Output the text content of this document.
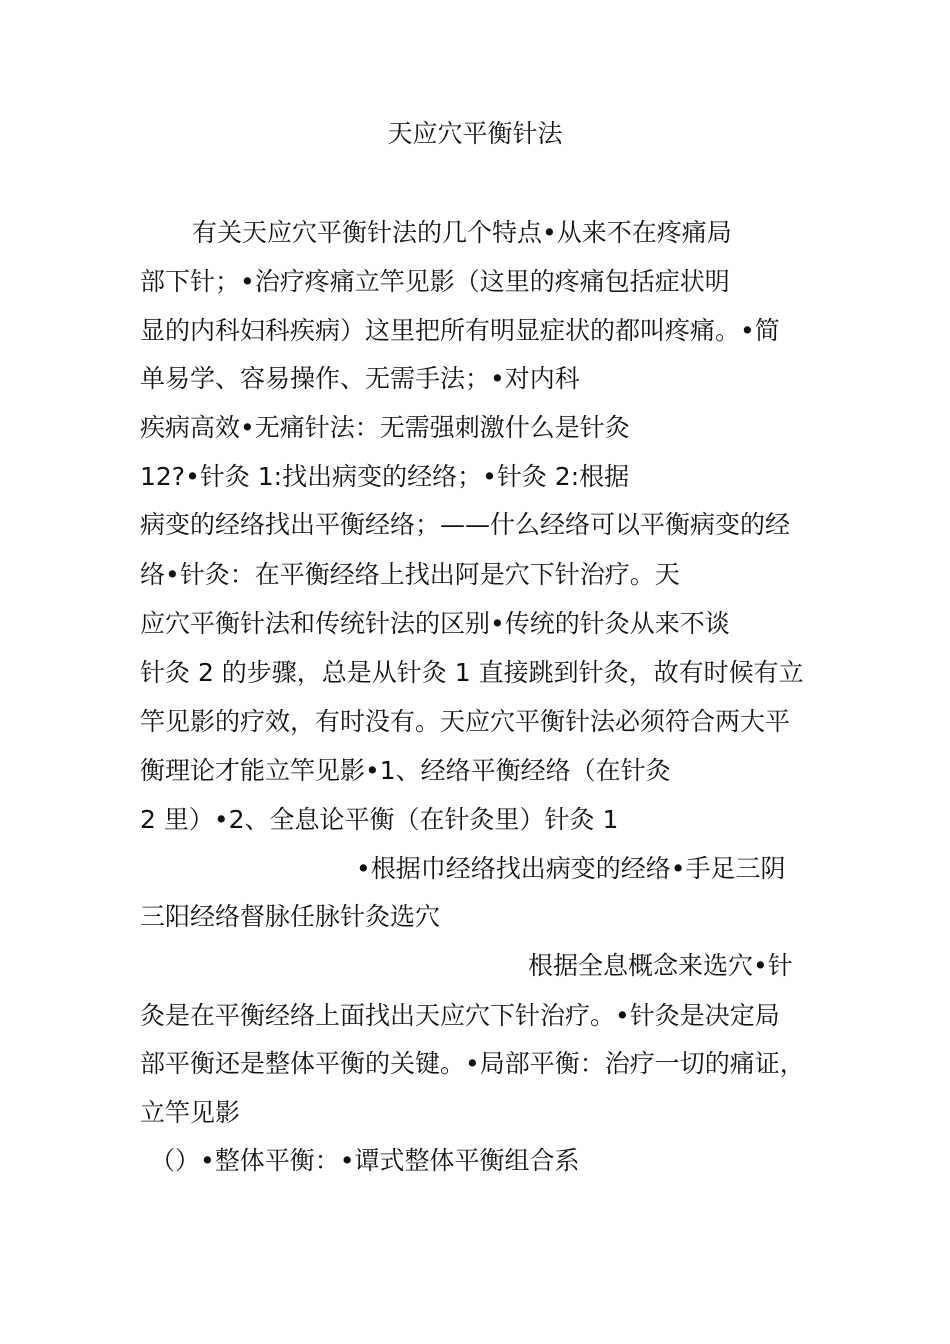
天应穴平衡针法
有关天应穴平衡针法的几个特点•从来不在疼痛局
部下针；•治疗疼痛立竿见影（这里的疼痛包括症状明
显的内科妇科疾病）这里把所有明显症状的都叫疼痛。•简
单易学、容易操作、无需手法；•对内科
疾病高效•无痛针法：无需强刺激什么是针灸
12?•针灸 1:找出病变的经络；•针灸 2:根据
病变的经络找出平衡经络；——什么经络可以平衡病变的经
络•针灸：在平衡经络上找出阿是穴下针治疗。天
应穴平衡针法和传统针法的区别•传统的针灸从来不谈
针灸 2 的步骤，总是从针灸 1 直接跳到针灸，故有时候有立
竿见影的疗效，有时没有。天应穴平衡针法必须符合两大平
衡理论才能立竿见影•1、经络平衡经络（在针灸
2 里）•2、全息论平衡（在针灸里）针灸 1
•根据巾经络找出病变的经络•手足三阴
三阳经络督脉任脉针灸选穴
根据全息概念来选穴•针
灸是在平衡经络上面找出天应穴下针治疗。•针灸是决定局
部平衡还是整体平衡的关键。•局部平衡：治疗一切的痛证，
立竿见影
（）•整体平衡：•谭式整体平衡组合系
